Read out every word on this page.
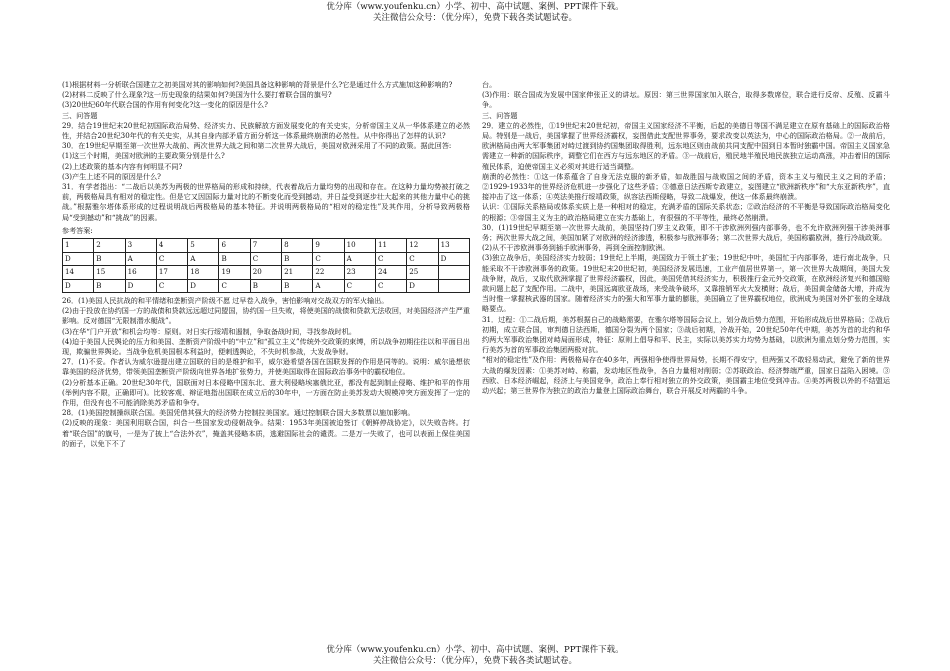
优分库（www.youfenku.cn）小学、初中、高中试题、案例、PPT课件下载。
关注微信公众号：（优分库），免费下载各类试题试卷。

(1)根据材料一分析联合国建立之初美国对其的影响如何?美国具备这种影响的背景是什么?它是通过什么方式施加这种影响的?

(2)材料二反映了什么现象?这一历史现象的结果如何?美国为什么要打着联合国的旗号?

(3)20世纪60年代联合国的作用有何变化?这一变化的原因是什么?

三、问答题

29．结合19世纪末20世纪初国际政治局势、经济实力、民族解放方面发展变化的有关史实，分析帝国主义从一华体系建立的必然性，并结合20世纪30年代的有关史实，从其自身内部矛盾方面分析这一体系最终崩溃的必然性。从中你得出了怎样的认识?

30．在19世纪早期至第一次世界大战前、两次世界大战之间和第二次世界大战后，美国对欧洲采用了不同的政策。据此回答:

(1)这三个时期，美国对欧洲的主要政策分别是什么?

(2)上述政策的基本内容有何明显不同?

(3)产生上述不同的原因是什么?

31．有学者指出：“二战后以美苏为两极的世界格局的形成和持续，代表着战后力量均势的出现和存在。在这种力量均势被打破之前，两极格局具有相对的稳定性。但是它又因国际力量对比的不断变化而受到撼动，并日益受到逐步壮大起来的其他力量中心的挑战。”根据雅尔塔体系形成的过程说明战后两极格局的基本特征。并说明两极格局的“相对的稳定性”及其作用，分析导致两极格局“受到撼动”和“挑战”的因素。

参考答案:

1	2	3	4	5	6	7	8	9	10	11	12	13
D	B	A	C	A	B	C	B	C	A	C	C	D
14	15	16	17	18	19	20	21	22	23	24	25	
D	B	D	C	D	C	B	B	A	C	C	D	

26．(1)美国人民抗战的和平情绪和垄断资产阶级不愿 过早卷入战争，害怕影响对交战双方的军火输出。

(2)由于投放在协约国一方的战债和贷款远远超过同盟国，协约国一旦失败，将使美国的战债和贷款无法收回，对美国经济产生严重影响。反对德国“无限制潜水艇战”。

(3)在华“门户开放”和机会均等：原则。对日实行绥靖和遏制，争取备战时间，寻找参战时机。

(4)迫于美国人民舆论的压力和美国、垄断资产阶级中的“中立”和“孤立主义”传统外交政策的束缚，所以战争初期往往以和平面目出现，欺骗世界舆论。当战争危机美国根本利益时，便刺透舆论，不失时机参战，大发战争财。

27．(1)不妥。作者认为威尔逊提出建立国联的目的是维护和平，威尔逊希望各国在国联发挥的作用是同等的。说明：威尔逊想依靠美国的经济优势，带领美国垄断资产阶级向世界各地扩张势力，并使美国取得在国际政治事务中的霸权地位。

(2)分析基本正确。20世纪30年代，国联面对日本侵略中国东北、意大利侵略埃塞俄比亚，都没有起到制止侵略、维护和平的作用(举例内容不限，正确即可)。比较客观、辩证地指出国联在成立后的30年中，一方面在防止美苏发动大规模冲突方面发挥了一定的作用，但没有也不可能消除美苏矛盾和争夺。

28．(1)美国控制操纵联合国。美国凭借其强大的经济势力控制拉美国家。通过控制联合国大多数票以施加影响。

(2)反映的现象：美国利用联合国，纠合一些国家发动侵朝战争。结果：1953年美国被迫签订《朝鲜停战协定》，以失败告终。打着“联合国”的旗号，一是为了披上“合法外衣”，掩盖其侵略本质，逃避国际社会的谴责。二是万一失败了，也可以表面上保住美国的面子，以免下不了

台。

(3)作用：联合国成为发展中国家伸张正义的讲坛。原因：第三世界国家加入联合，取得多数席位，联合进行反帝、反殖、反霸斗争。

三、问答题

29．建立的必然性，①19世纪末20世纪初，帝国主义国家经济不平衡，后起的美德日等国不满足建立在原有基础上的国际政治格局。特别是一战后，美国掌握了世界经济霸权，妄图借此支配世界事务，要求改变以英法为，中心的国际政治格局。②一战前后，欧洲格局由两大军事集团对峙过渡到协约国集团取得胜利，远东地区则由战前共同支配中国到日本暂时独霸中国。帝国主义国家急需建立一种新的国际秩序，调整它们在西方与远东地区的矛盾。③一战前后，殖民地半殖民地民族独立运动高涨，冲击着旧的国际殖民体系，迫使帝国主义必须对其进行适当调整。

崩溃的必然性：①这一体系蕴含了自身无法克服的新矛盾，如战胜国与战败国之间的矛盾，资本主义与殖民主义之间的矛盾；②1929-1933年的世界经济危机进一步强化了这些矛盾；③德意日法西斯专政建立，妄图建立“欧洲新秩序”和“大东亚新秩序”，直接冲击了这一体系；④英法美推行绥靖政策，纵容法西斯侵略，导致二战爆发，使这一体系最终崩溃。

认识：①国际关系格局或体系实质上是一种相对的稳定，充满矛盾的国际关系状态；②政治经济的不平衡是导致国际政治格局变化的根源；③帝国主义为主的政治格局建立在实力基础上，有很强的不平等性，最终必然崩溃。

30．(1)19世纪早期至第一次世界大战前，美国坚持门罗主义政策，即不干涉欧洲列强内部事务，也不允许欧洲列强干涉美洲事务；两次世界大战之间，美国加紧了对欧洲的经济渗透，积极参与欧洲事务；第二次世界大战后，美国称霸欧洲，推行冷战政策。

(2)从不干涉欧洲事务到插手欧洲事务，再到全面控制欧洲。

(3)独立战争后，美国经济实力较弱；19世纪上半期，美国致力于领土扩张；19世纪中叶，美国忙于内部事务，进行南北战争，只能采取不干涉欧洲事务的政策。19世纪末20世纪初，美国经济发展迅速，工业产值居世界第一，第一次世界大战期间，美国大发战争财，战后，又取代欧洲掌握了世界经济霸权，因此，美国凭借其经济实力，积极推行金元外交政策，在欧洲经济复兴和德国赔款问题上起了支配作用。二战中，美国远离欧亚战场，来受战争破坏，又靠推销军火大发横财；战后，美国黄金储备大增，并成为当时惟一掌握核武器的国家。随着经济实力的强大和军事力量的膨胀，美国确立了世界霸权地位，欧洲成为美国对外扩张的全球战略要点。

31．过程：①二战后期，美苏根据自己的战略需要，在雅尔塔等国际会议上，划分战后势力范围，开始形成战后世界格局；②战后初期，成立联合国，审判德日法西斯，德国分裂为两个国家；③战后初期，冷战开始，20世纪50年代中期，美苏为首的北约和华约两大军事政治集团对峙局面形成，特征：原则上倡导和平、民主，实际以美苏实力均势为基础，以欧洲为重点划分势力范围，实行美苏为首的军事政治集团两极对抗。

“相对的稳定性”及作用：两极格局存在40多年，两强相争使得世界局势，长期不得安宁，但两强又不敢轻易动武，避免了新的世界大战的爆发因素：①美苏对峙、称霸，发动地区性战争，各自力量相对削弱；②苏联政治、经济弊端严重，国家日益陷入困境。③西欧、日本经济崛起，经济上与美国竞争，政治上奉行相对独立的外交政策，美国霸主地位受到冲击。④美苏两极以外的不结盟运动兴起；第三世界作为独立的政治力量登上国际政治舞台，联合开展反对两霸的斗争。

优分库（www.youfenku.cn）小学、初中、高中试题、案例、PPT课件下载。
关注微信公众号：（优分库），免费下载各类试题试卷。
